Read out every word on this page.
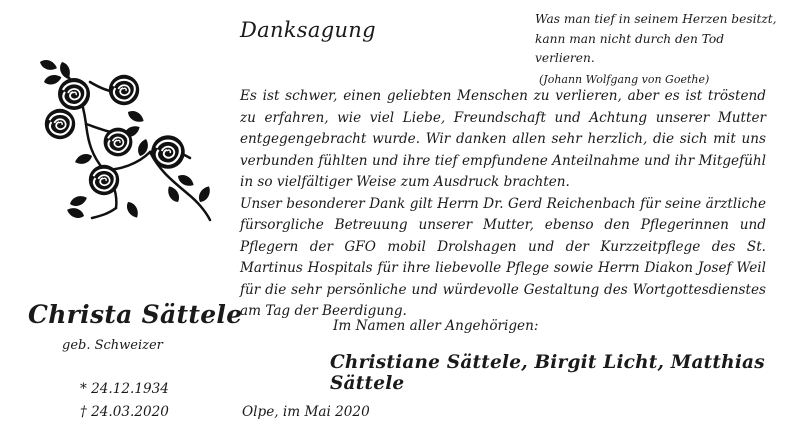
Danksagung	Was man tief in seinem Herzen besitzt,
kann man nicht durch den Tod verlieren.
(Johann Wolfgang von Goethe)

Es ist schwer, einen geliebten Menschen zu verlieren, aber es ist tröstend zu erfahren, wie viel Liebe, Freundschaft und Achtung unserer Mutter entgegengebracht wurde. Wir danken allen sehr herzlich, die sich mit uns verbunden fühlten und ihre tief empfundene Anteilnahme und ihr Mitgefühl in so vielfältiger Weise zum Ausdruck brachten.

Unser besonderer Dank gilt Herrn Dr. Gerd Reichenbach für seine ärztliche fürsorgliche Betreuung unserer Mutter, ebenso den Pflegerinnen und Pflegern der GFO mobil Drolshagen und der Kurzzeitpflege des St. Martinus Hospitals für ihre liebevolle Pflege sowie Herrn Diakon Josef Weil für die sehr persönliche und würdevolle Gestaltung des Wortgottesdienstes am Tag der Beerdigung.

Christa Sättele
geb. Schweizer
* 24.12.1934
† 24.03.2020
Im Namen aller Angehörigen:
Christiane Sättele, Birgit Licht, Matthias Sättele
Olpe, im Mai 2020
